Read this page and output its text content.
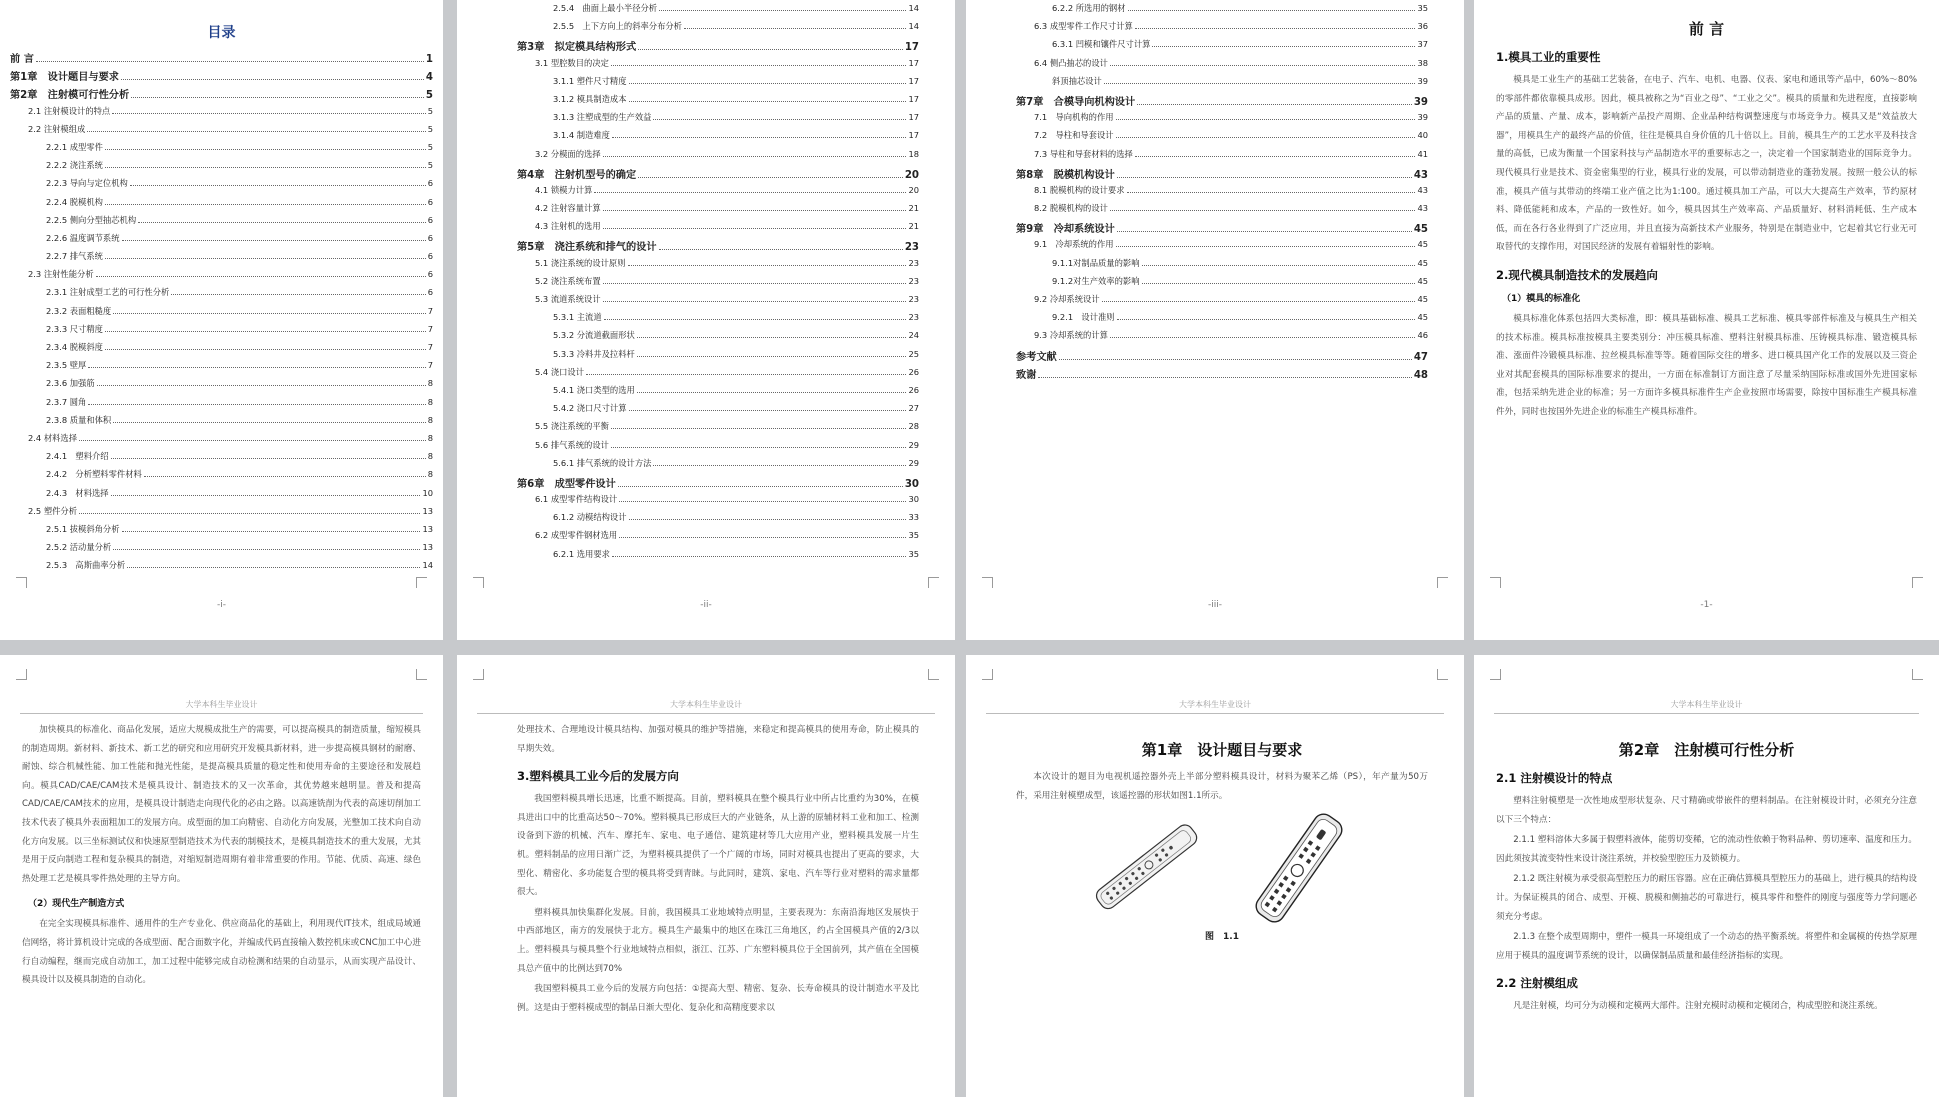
目录
前 言	1
第1章　设计题目与要求	4
第2章　注射模可行性分析	5
2.1 注射模设计的特点	5
2.2 注射模组成	5
2.2.1 成型零件	5
2.2.2 浇注系统	5
2.2.3 导向与定位机构	6
2.2.4 脱模机构	6
2.2.5 侧向分型抽芯机构	6
2.2.6 温度调节系统	6
2.2.7 排气系统	6
2.3 注射性能分析	6
2.3.1 注射成型工艺的可行性分析	6
2.3.2 表面粗糙度	7
2.3.3 尺寸精度	7
2.3.4 脱模斜度	7
2.3.5 壁厚	7
2.3.6 加强筋	8
2.3.7 圆角	8
2.3.8 质量和体积	8
2.4 材料选择	8
2.4.1　塑料介绍	8
2.4.2　分析塑料零件材料	8
2.4.3　材料选择	10
2.5 塑件分析	13
2.5.1 拔模斜角分析	13
2.5.2 活动量分析	13
2.5.3　高斯曲率分析	14
-i-
2.5.4　曲面上最小半径分析	14
2.5.5　上下方向上的斜率分布分析	14
第3章　拟定模具结构形式	17
3.1 型腔数目的决定	17
3.1.1 塑件尺寸精度	17
3.1.2 模具制造成本	17
3.1.3 注塑成型的生产效益	17
3.1.4 制造难度	17
3.2 分模面的选择	18
第4章　注射机型号的确定	20
4.1 锁模力计算	20
4.2 注射容量计算	21
4.3 注射机的选用	21
第5章　浇注系统和排气的设计	23
5.1 浇注系统的设计原则	23
5.2 浇注系统布置	23
5.3 流道系统设计	23
5.3.1 主流道	23
5.3.2 分流道截面形状	24
5.3.3 冷料井及拉料杆	25
5.4 浇口设计	26
5.4.1 浇口类型的选用	26
5.4.2 浇口尺寸计算	27
5.5 浇注系统的平衡	28
5.6 排气系统的设计	29
5.6.1 排气系统的设计方法	29
第6章　成型零件设计	30
6.1 成型零件结构设计	30
6.1.2 动模结构设计	33
6.2 成型零件钢材选用	35
6.2.1 选用要求	35
-ii-
6.2.2 所选用的钢材	35
6.3 成型零件工作尺寸计算	36
6.3.1 凹模和镶件尺寸计算	37
6.4 侧凸抽芯的设计	38
斜顶抽芯设计	39
第7章　合模导向机构设计	39
7.1　导向机构的作用	39
7.2　导柱和导套设计	40
7.3 导柱和导套材料的选择	41
第8章　脱模机构设计	43
8.1 脱模机构的设计要求	43
8.2 脱模机构的设计	43
第9章　冷却系统设计	45
9.1　冷却系统的作用	45
9.1.1对制品质量的影响	45
9.1.2对生产效率的影响	45
9.2 冷却系统设计	45
9.2.1　设计准则	45
9.3 冷却系统的计算	46
参考文献	47
致谢	48
-iii-
前 言
1.模具工业的重要性

模具是工业生产的基础工艺装备，在电子、汽车、电机、电器、仪表、家电和通讯等产品中，60%～80%的零部件都依靠模具成形。因此，模具被称之为“百业之母”、“工业之父”。模具的质量和先进程度，直接影响产品的质量、产量、成本，影响新产品投产周期、企业品种结构调整速度与市场竞争力。模具又是“效益放大器”，用模具生产的最终产品的价值，往往是模具自身价值的几十倍以上。目前，模具生产的工艺水平及科技含量的高低，已成为衡量一个国家科技与产品制造水平的重要标志之一，决定着一个国家制造业的国际竞争力。现代模具行业是技术、资金密集型的行业，模具行业的发展，可以带动制造业的蓬勃发展。按照一般公认的标准，模具产值与其带动的终端工业产值之比为1:100。通过模具加工产品，可以大大提高生产效率，节约原材料、降低能耗和成本，产品的一致性好。如今，模具因其生产效率高、产品质量好、材料消耗低、生产成本低，而在各行各业得到了广泛应用，并且直接为高新技术产业服务，特别是在制造业中，它起着其它行业无可取替代的支撑作用，对国民经济的发展有着辐射性的影响。

2.现代模具制造技术的发展趋向
（1）模具的标准化

模具标准化体系包括四大类标准，即：模具基础标准、模具工艺标准、模具零部件标准及与模具生产相关的技术标准。模具标准按模具主要类别分：冲压模具标准、塑料注射模具标准、压铸模具标准、锻造模具标准、涨面件冷锻模具标准、拉丝模具标准等等。随着国际交往的增多、进口模具国产化工作的发展以及三资企业对其配套模具的国际标准要求的提出，一方面在标准制订方面注意了尽量采纳国际标准或国外先进国家标准，包括采纳先进企业的标准；另一方面许多模具标准件生产企业按照市场需要，除按中国标准生产模具标准件外，同时也按国外先进企业的标准生产模具标准件。

-1-
大学本科生毕业设计

加快模具的标准化、商品化发展，适应大规模成批生产的需要，可以提高模具的制造质量，缩短模具的制造周期。新材料、新技术、新工艺的研究和应用研究开发模具新材料，进一步提高模具钢材的耐磨、耐蚀、综合机械性能、加工性能和抛光性能，是提高模具质量的稳定性和使用寿命的主要途径和发展趋向。模具CAD/CAE/CAM技术是模具设计、制造技术的又一次革命，其优势越来越明显。普及和提高CAD/CAE/CAM技术的应用，是模具设计制造走向现代化的必由之路。以高速铣削为代表的高速切削加工技术代表了模具外表面粗加工的发展方向。成型面的加工向精密、自动化方向发展，光整加工技术向自动化方向发展。以三坐标测试仪和快速原型制造技术为代表的制模技术，是模具制造技术的重大发展，尤其是用于反向制造工程和复杂模具的制造，对缩短制造周期有着非常重要的作用。节能、优质、高速、绿色热处理工艺是模具零件热处理的主导方向。

（2）现代生产制造方式

在完全实现模具标准件、通用件的生产专业化、供应商品化的基础上，利用现代IT技术，组成局域通信网络，将计算机设计完成的各成型面、配合面数字化，并编成代码直接输入数控机床或CNC加工中心进行自动编程，继而完成自动加工，加工过程中能够完成自动检测和结果的自动显示，从而实现产品设计、模具设计以及模具制造的自动化。

大学本科生毕业设计

处理技术、合理地设计模具结构、加强对模具的维护等措施，来稳定和提高模具的使用寿命，防止模具的早期失效。

3.塑料模具工业今后的发展方向

我国塑料模具增长迅速，比重不断提高。目前，塑料模具在整个模具行业中所占比重约为30%，在模具进出口中的比重高达50～70%。塑料模具已形成巨大的产业链条，从上游的原辅材料工业和加工、检测设备到下游的机械、汽车、摩托车、家电、电子通信、建筑建材等几大应用产业，塑料模具发展一片生机。塑料制品的应用日渐广泛，为塑料模具提供了一个广阔的市场，同时对模具也提出了更高的要求，大型化、精密化、多功能复合型的模具将受到青睐。与此同时，建筑、家电、汽车等行业对塑料的需求量都很大。

塑料模具加快集群化发展。目前，我国模具工业地域特点明显，主要表现为：东南沿海地区发展快于中西部地区，南方的发展快于北方。模具生产最集中的地区在珠江三角地区，约占全国模具产值的2/3以上。塑料模具与模具整个行业地域特点相似，浙江、江苏、广东塑料模具位于全国前列，其产值在全国模具总产值中的比例达到70%

我国塑料模具工业今后的发展方向包括：①提高大型、精密、复杂、长寿命模具的设计制造水平及比例。这是由于塑料模成型的制品日渐大型化、复杂化和高精度要求以

大学本科生毕业设计
第1章　设计题目与要求

本次设计的题目为电视机遥控器外壳上半部分塑料模具设计，材料为聚苯乙烯（PS），年产量为50万件，采用注射模塑成型，该遥控器的形状如图1.1所示。

图　1.1
大学本科生毕业设计
第2章　注射模可行性分析
2.1 注射模设计的特点

塑料注射模塑是一次性地成型形状复杂、尺寸精确或带嵌件的塑料制品。在注射模设计时，必须充分注意以下三个特点：

2.1.1 塑料溶体大多属于假塑料液体，能剪切变稀，它的流动性依赖于物料品种、剪切速率、温度和压力。因此须按其流变特性来设计浇注系统，并校验型腔压力及锁模力。

2.1.2 既注射模为承受很高型腔压力的耐压容器。应在正确估算模具型腔压力的基础上，进行模具的结构设计。为保证模具的闭合、成型、开模、脱模和侧抽芯的可靠进行，模具零件和整件的刚度与强度等力学问题必须充分考虑。

2.1.3 在整个成型周期中，塑件一模具一环境组成了一个动态的热平衡系统。将塑件和金属模的传热学原理应用于模具的温度调节系统的设计，以确保制品质量和最佳经济指标的实现。

2.2 注射模组成

凡是注射模，均可分为动模和定模两大部件。注射充模时动模和定模闭合，构成型腔和浇注系统。
